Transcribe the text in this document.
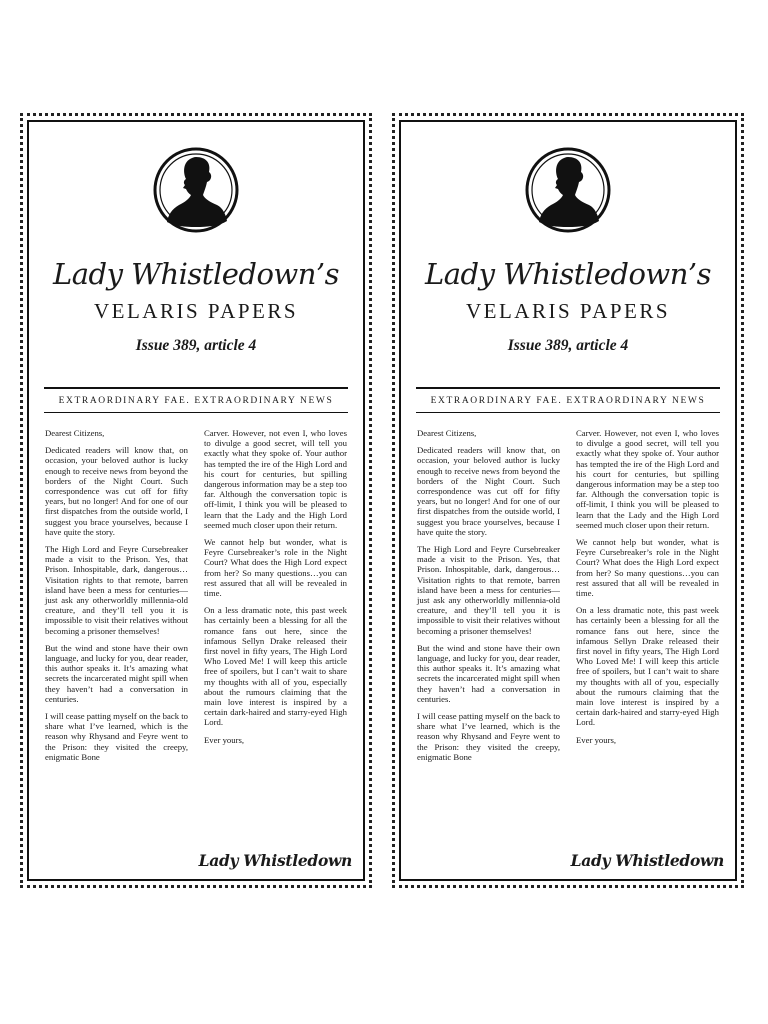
Lady Whistledown’s
VELARIS PAPERS
Issue 389, article 4
EXTRAORDINARY FAE. EXTRAORDINARY NEWS

Dearest Citizens,

Dedicated readers will know that, on occasion, your beloved author is lucky enough to receive news from beyond the borders of the Night Court. Such correspondence was cut off for fifty years, but no longer! And for one of our first dispatches from the outside world, I suggest you brace yourselves, because I have quite the story.

The High Lord and Feyre Cursebreaker made a visit to the Prison. Yes, that Prison. Inhospitable, dark, dangerous… Visitation rights to that remote, barren island have been a mess for centuries—just ask any otherworldly millennia-old creature, and they’ll tell you it is impossible to visit their relatives without becoming a prisoner themselves!

But the wind and stone have their own language, and lucky for you, dear reader, this author speaks it. It’s amazing what secrets the incarcerated might spill when they haven’t had a conversation in centuries.

I will cease patting myself on the back to share what I’ve learned, which is the reason why Rhysand and Feyre went to the Prison: they visited the creepy, enigmatic Bone

Carver. However, not even I, who loves to divulge a good secret, will tell you exactly what they spoke of. Your author has tempted the ire of the High Lord and his court for centuries, but spilling dangerous information may be a step too far. Although the conversation topic is off-limit, I think you will be pleased to learn that the Lady and the High Lord seemed much closer upon their return.

We cannot help but wonder, what is Feyre Cursebreaker’s role in the Night Court? What does the High Lord expect from her? So many questions…you can rest assured that all will be revealed in time.

On a less dramatic note, this past week has certainly been a blessing for all the romance fans out here, since the infamous Sellyn Drake released their first novel in fifty years, The High Lord Who Loved Me! I will keep this article free of spoilers, but I can’t wait to share my thoughts with all of you, especially about the rumours claiming that the main love interest is inspired by a certain dark-haired and starry-eyed High Lord.

Ever yours,

Lady Whistledown
Lady Whistledown’s
VELARIS PAPERS
Issue 389, article 4
EXTRAORDINARY FAE. EXTRAORDINARY NEWS

Dearest Citizens,

Dedicated readers will know that, on occasion, your beloved author is lucky enough to receive news from beyond the borders of the Night Court. Such correspondence was cut off for fifty years, but no longer! And for one of our first dispatches from the outside world, I suggest you brace yourselves, because I have quite the story.

The High Lord and Feyre Cursebreaker made a visit to the Prison. Yes, that Prison. Inhospitable, dark, dangerous… Visitation rights to that remote, barren island have been a mess for centuries—just ask any otherworldly millennia-old creature, and they’ll tell you it is impossible to visit their relatives without becoming a prisoner themselves!

But the wind and stone have their own language, and lucky for you, dear reader, this author speaks it. It’s amazing what secrets the incarcerated might spill when they haven’t had a conversation in centuries.

I will cease patting myself on the back to share what I’ve learned, which is the reason why Rhysand and Feyre went to the Prison: they visited the creepy, enigmatic Bone

Carver. However, not even I, who loves to divulge a good secret, will tell you exactly what they spoke of. Your author has tempted the ire of the High Lord and his court for centuries, but spilling dangerous information may be a step too far. Although the conversation topic is off-limit, I think you will be pleased to learn that the Lady and the High Lord seemed much closer upon their return.

We cannot help but wonder, what is Feyre Cursebreaker’s role in the Night Court? What does the High Lord expect from her? So many questions…you can rest assured that all will be revealed in time.

On a less dramatic note, this past week has certainly been a blessing for all the romance fans out here, since the infamous Sellyn Drake released their first novel in fifty years, The High Lord Who Loved Me! I will keep this article free of spoilers, but I can’t wait to share my thoughts with all of you, especially about the rumours claiming that the main love interest is inspired by a certain dark-haired and starry-eyed High Lord.

Ever yours,

Lady Whistledown
